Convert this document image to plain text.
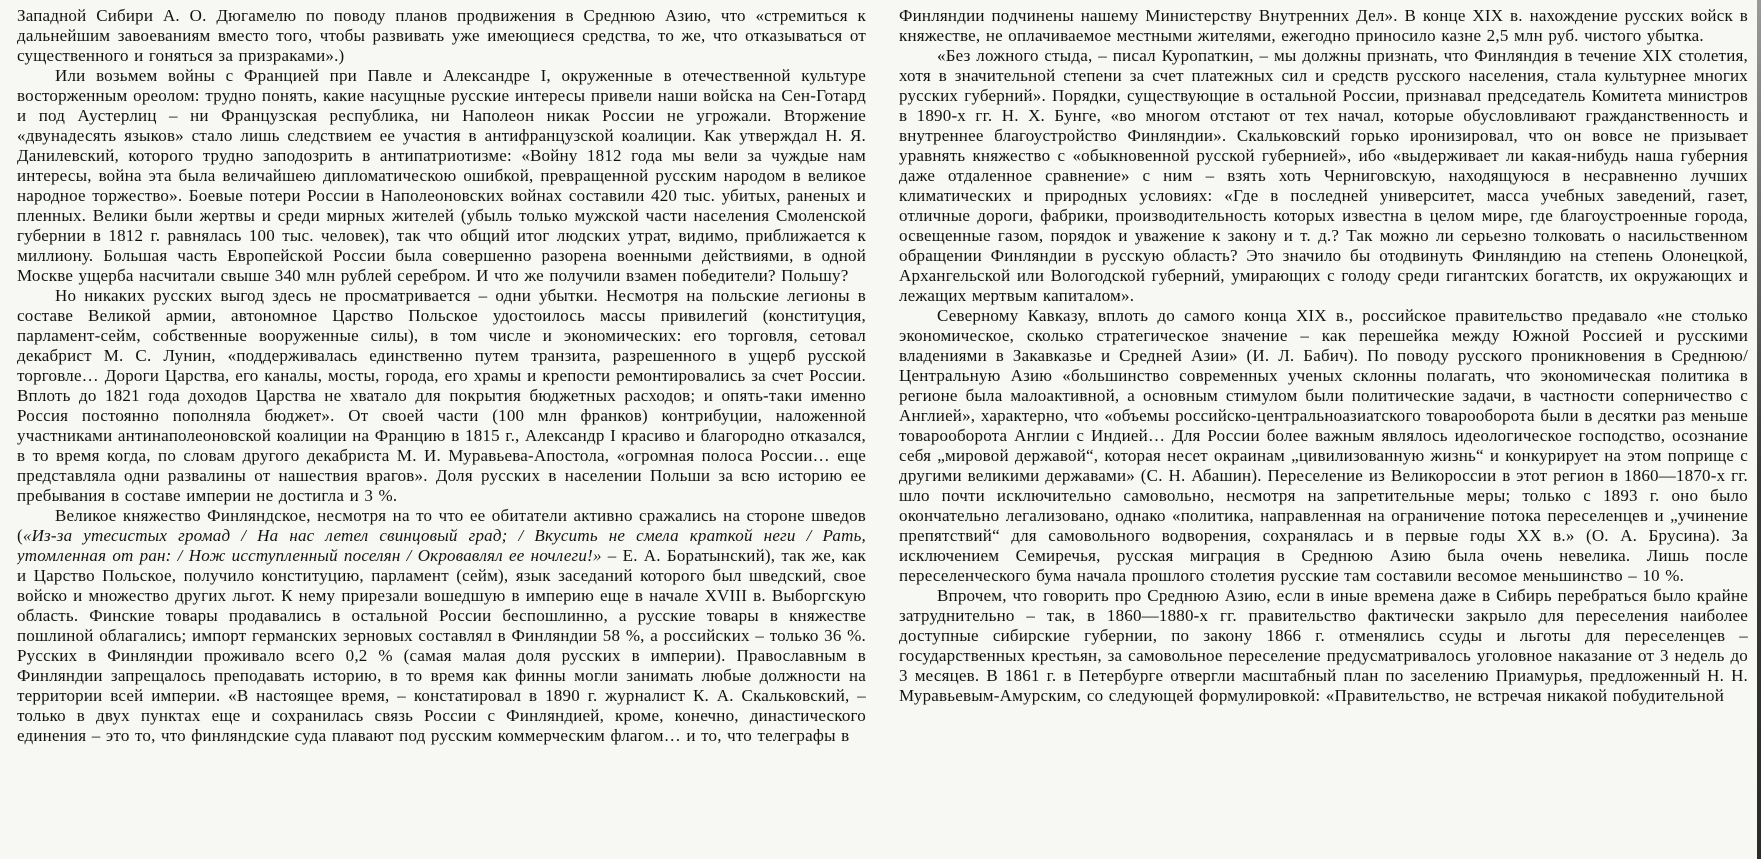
Западной Сибири А. О. Дюгамелю по поводу планов продвижения в Среднюю Азию, что «стремиться к дальнейшим завоеваниям вместо того, чтобы развивать уже имеющиеся средства, то же, что отказываться от существенного и гоняться за призраками».)

Или возьмем войны с Францией при Павле и Александре I, окруженные в отечественной культуре восторженным ореолом: трудно понять, какие насущные русские интересы привели наши войска на Сен-Готард и под Аустерлиц – ни Французская республика, ни Наполеон никак России не угрожали. Вторжение «двунадесять языков» стало лишь следствием ее участия в антифранцузской коалиции. Как утверждал Н. Я. Данилевский, которого трудно заподозрить в антипатриотизме: «Войну 1812 года мы вели за чуждые нам интересы, война эта была величайшею дипломатическою ошибкой, превращенной русским народом в великое народное торжество». Боевые потери России в Наполеоновских войнах составили 420 тыс. убитых, раненых и пленных. Велики были жертвы и среди мирных жителей (убыль только мужской части населения Смоленской губернии в 1812 г. равнялась 100 тыс. человек), так что общий итог людских утрат, видимо, приближается к миллиону. Большая часть Европейской России была совершенно разорена военными действиями, в одной Москве ущерба насчитали свыше 340 млн рублей серебром. И что же получили взамен победители? Польшу?

Но никаких русских выгод здесь не просматривается – одни убытки. Несмотря на польские легионы в составе Великой армии, автономное Царство Польское удостоилось массы привилегий (конституция, парламент-сейм, собственные вооруженные силы), в том числе и экономических: его торговля, сетовал декабрист М. С. Лунин, «поддерживалась единственно путем транзита, разрешенного в ущерб русской торговле… Дороги Царства, его каналы, мосты, города, его храмы и крепости ремонтировались за счет России. Вплоть до 1821 года доходов Царства не хватало для покрытия бюджетных расходов; и опять-таки именно Россия постоянно пополняла бюджет». От своей части (100 млн франков) контрибуции, наложенной участниками антинаполеоновской коалиции на Францию в 1815 г., Александр I красиво и благородно отказался, в то время когда, по словам другого декабриста М. И. Муравьева-Апостола, «огромная полоса России… еще представляла одни развалины от нашествия врагов». Доля русских в населении Польши за всю историю ее пребывания в составе империи не достигла и 3 %.

Великое княжество Финляндское, несмотря на то что ее обитатели активно сражались на стороне шведов («Из-за утесистых громад / На нас летел свинцовый град; / Вкусить не смела краткой неги / Рать, утомленная от ран: / Нож исступленный поселян / Окровавлял ее ночлеги!» – Е. А. Боратынский), так же, как и Царство Польское, получило конституцию, парламент (сейм), язык заседаний которого был шведский, свое войско и множество других льгот. К нему прирезали вошедшую в империю еще в начале XVIII в. Выборгскую область. Финские товары продавались в остальной России беспошлинно, а русские товары в княжестве пошлиной облагались; импорт германских зерновых составлял в Финляндии 58 %, а российских – только 36 %. Русских в Финляндии проживало всего 0,2 % (самая малая доля русских в империи). Православным в Финляндии запрещалось преподавать историю, в то время как финны могли занимать любые должности на территории всей империи. «В настоящее время, – констатировал в 1890 г. журналист К. А. Скальковский, – только в двух пунктах еще и сохранилась связь России с Финляндией, кроме, конечно, династического единения – это то, что финляндские суда плавают под русским коммерческим флагом… и то, что телеграфы в

Финляндии подчинены нашему Министерству Внутренних Дел». В конце XIX в. нахождение русских войск в княжестве, не оплачиваемое местными жителями, ежегодно приносило казне 2,5 млн руб. чистого убытка.

«Без ложного стыда, – писал Куропаткин, – мы должны признать, что Финляндия в течение XIX столетия, хотя в значительной степени за счет платежных сил и средств русского населения, стала культурнее многих русских губерний». Порядки, существующие в остальной России, признавал председатель Комитета министров в 1890-х гг. Н. Х. Бунге, «во многом отстают от тех начал, которые обусловливают гражданственность и внутреннее благоустройство Финляндии». Скальковский горько иронизировал, что он вовсе не призывает уравнять княжество с «обыкновенной русской губернией», ибо «выдерживает ли какая-нибудь наша губерния даже отдаленное сравнение» с ним – взять хоть Черниговскую, находящуюся в несравненно лучших климатических и природных условиях: «Где в последней университет, масса учебных заведений, газет, отличные дороги, фабрики, производительность которых известна в целом мире, где благоустроенные города, освещенные газом, порядок и уважение к закону и т. д.? Так можно ли серьезно толковать о насильственном обращении Финляндии в русскую область? Это значило бы отодвинуть Финляндию на степень Олонецкой, Архангельской или Вологодской губерний, умирающих с голоду среди гигантских богатств, их окружающих и лежащих мертвым капиталом».

Северному Кавказу, вплоть до самого конца XIX в., российское правительство предавало «не столько экономическое, сколько стратегическое значение – как перешейка между Южной Россией и русскими владениями в Закавказье и Средней Азии» (И. Л. Бабич). По поводу русского проникновения в Среднюю/Центральную Азию «большинство современных ученых склонны полагать, что экономическая политика в регионе была малоактивной, а основным стимулом были политические задачи, в частности соперничество с Англией», характерно, что «объемы российско-центральноазиатского товарооборота были в десятки раз меньше товарооборота Англии с Индией… Для России более важным являлось идеологическое господство, осознание себя „мировой державой“, которая несет окраинам „цивилизованную жизнь“ и конкурирует на этом поприще с другими великими державами» (С. Н. Абашин). Переселение из Великороссии в этот регион в 1860—1870-х гг. шло почти исключительно самовольно, несмотря на запретительные меры; только с 1893 г. оно было окончательно легализовано, однако «политика, направленная на ограничение потока переселенцев и „учинение препятствий“ для самовольного водворения, сохранялась и в первые годы XX в.» (О. А. Брусина). За исключением Семиречья, русская миграция в Среднюю Азию была очень невелика. Лишь после переселенческого бума начала прошлого столетия русские там составили весомое меньшинство – 10 %.

Впрочем, что говорить про Среднюю Азию, если в иные времена даже в Сибирь перебраться было крайне затруднительно – так, в 1860—1880-х гг. правительство фактически закрыло для переселения наиболее доступные сибирские губернии, по закону 1866 г. отменялись ссуды и льготы для переселенцев – государственных крестьян, за самовольное переселение предусматривалось уголовное наказание от 3 недель до 3 месяцев. В 1861 г. в Петербурге отвергли масштабный план по заселению Приамурья, предложенный Н. Н. Муравьевым-Амурским, со следующей формулировкой: «Правительство, не встречая никакой побудительной
